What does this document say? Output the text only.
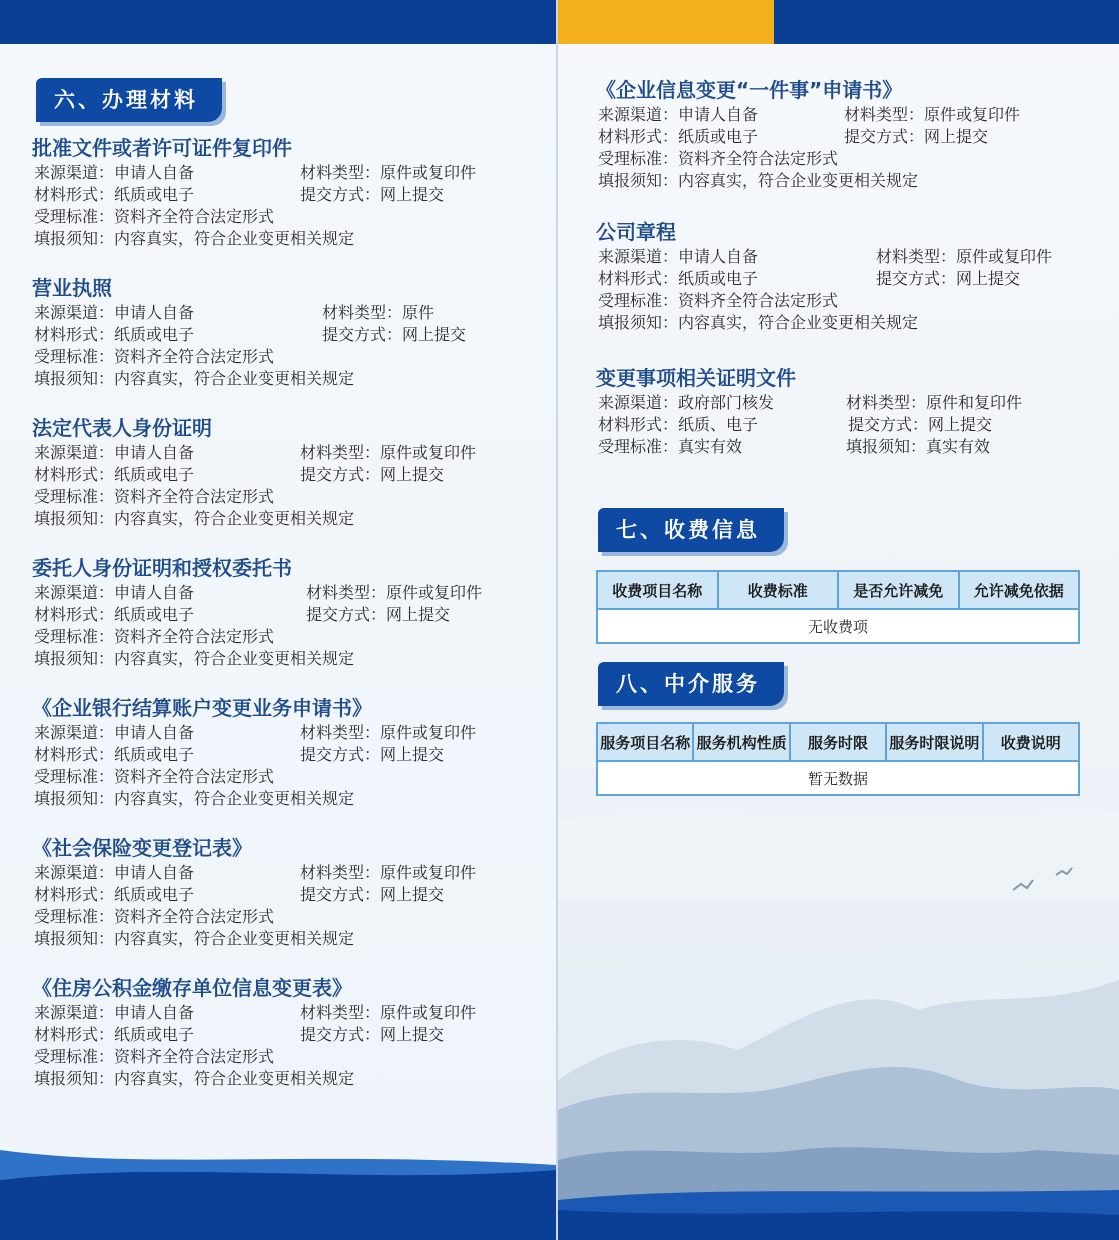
六、办理材料
批准文件或者许可证件复印件
来源渠道：申请人自备	材料类型：原件或复印件
材料形式：纸质或电子	提交方式：网上提交
受理标准：资料齐全符合法定形式
填报须知：内容真实，符合企业变更相关规定
营业执照
来源渠道：申请人自备	材料类型：原件
材料形式：纸质或电子	提交方式：网上提交
受理标准：资料齐全符合法定形式
填报须知：内容真实，符合企业变更相关规定
法定代表人身份证明
来源渠道：申请人自备	材料类型：原件或复印件
材料形式：纸质或电子	提交方式：网上提交
受理标准：资料齐全符合法定形式
填报须知：内容真实，符合企业变更相关规定
委托人身份证明和授权委托书
来源渠道：申请人自备	材料类型：原件或复印件
材料形式：纸质或电子	提交方式：网上提交
受理标准：资料齐全符合法定形式
填报须知：内容真实，符合企业变更相关规定
《企业银行结算账户变更业务申请书》
来源渠道：申请人自备	材料类型：原件或复印件
材料形式：纸质或电子	提交方式：网上提交
受理标准：资料齐全符合法定形式
填报须知：内容真实，符合企业变更相关规定
《社会保险变更登记表》
来源渠道：申请人自备	材料类型：原件或复印件
材料形式：纸质或电子	提交方式：网上提交
受理标准：资料齐全符合法定形式
填报须知：内容真实，符合企业变更相关规定
《住房公积金缴存单位信息变更表》
来源渠道：申请人自备	材料类型：原件或复印件
材料形式：纸质或电子	提交方式：网上提交
受理标准：资料齐全符合法定形式
填报须知：内容真实，符合企业变更相关规定
《企业信息变更“一件事”申请书》
来源渠道：申请人自备	材料类型：原件或复印件
材料形式：纸质或电子	提交方式：网上提交
受理标准：资料齐全符合法定形式
填报须知：内容真实，符合企业变更相关规定
公司章程
来源渠道：申请人自备	材料类型：原件或复印件
材料形式：纸质或电子	提交方式：网上提交
受理标准：资料齐全符合法定形式
填报须知：内容真实，符合企业变更相关规定
变更事项相关证明文件
来源渠道：政府部门核发	材料类型：原件和复印件
材料形式：纸质、电子	提交方式：网上提交
受理标准：真实有效	填报须知：真实有效
七、收费信息
收费项目名称	收费标准	是否允许减免	允许减免依据
无收费项
八、中介服务
服务项目名称	服务机构性质	服务时限	服务时限说明	收费说明
暂无数据
